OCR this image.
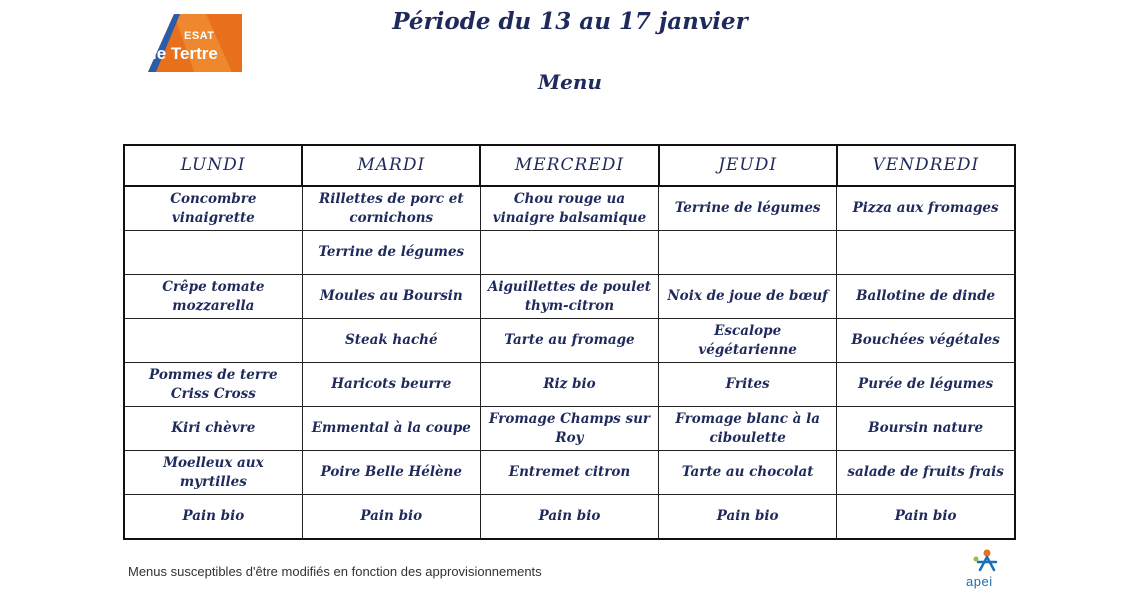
ESAT
le Tertre
Période du 13 au 17 janvier
Menu
LUNDI	MARDI	MERCREDI	JEUDI	VENDREDI
Concombre vinaigrette	Rillettes de porc et cornichons	Chou rouge ua vinaigre balsamique	Terrine de légumes	Pizza aux fromages
	Terrine de légumes			
Crêpe tomate mozzarella	Moules au Boursin	Aiguillettes de poulet thym-citron	Noix de joue de bœuf	Ballotine de dinde
	Steak haché	Tarte au fromage	Escalope végétarienne	Bouchées végétales
Pommes de terre Criss Cross	Haricots beurre	Riz bio	Frites	Purée de légumes
Kiri chèvre	Emmental à la coupe	Fromage Champs sur Roy	Fromage blanc à la ciboulette	Boursin nature
Moelleux aux myrtilles	Poire Belle Hélène	Entremet citron	Tarte au chocolat	salade de fruits frais
Pain bio	Pain bio	Pain bio	Pain bio	Pain bio
Menus susceptibles d'être modifiés en fonction des approvisionnements
apei
